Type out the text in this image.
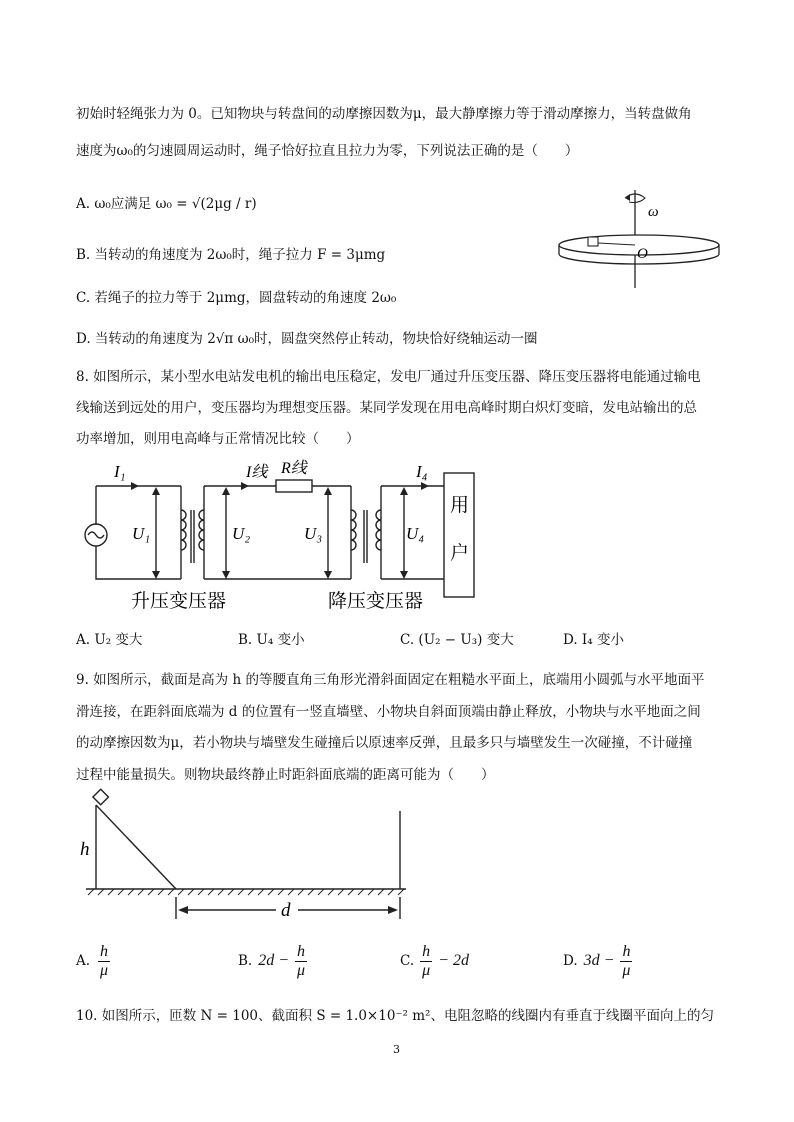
初始时轻绳张力为 0。已知物块与转盘间的动摩擦因数为μ，最大静摩擦力等于滑动摩擦力，当转盘做角
速度为ω₀的匀速圆周运动时，绳子恰好拉直且拉力为零，下列说法正确的是（　　）
A. ω₀应满足 ω₀ = √(2μg / r)
B. 当转动的角速度为 2ω₀时，绳子拉力 F = 3μmg
C. 若绳子的拉力等于 2μmg，圆盘转动的角速度 2ω₀
D. 当转动的角速度为 2√π ω₀时，圆盘突然停止转动，物块恰好绕轴运动一圈
ω
O
8. 如图所示，某小型水电站发电机的输出电压稳定，发电厂通过升压变压器、降压变压器将电能通过输电
线输送到远处的用户，变压器均为理想变压器。某同学发现在用电高峰时期白炽灯变暗，发电站输出的总
功率增加，则用电高峰与正常情况比较（　　）
I₁	I线 R线	I₄
U₁	U₂	U₃	U₄
用
户
升压变压器	降压变压器
A. U₂ 变大	B. U₄ 变小	C. (U₂ − U₃) 变大	D. I₄ 变小
9. 如图所示，截面是高为 h 的等腰直角三角形光滑斜面固定在粗糙水平面上，底端用小圆弧与水平地面平
滑连接，在距斜面底端为 d 的位置有一竖直墙壁、小物块自斜面顶端由静止释放，小物块与水平地面之间
的动摩擦因数为μ，若小物块与墙壁发生碰撞后以原速率反弹，且最多只与墙壁发生一次碰撞，不计碰撞
过程中能量损失。则物块最终静止时距斜面底端的距离可能为（　　）
h
d
A. $\frac{h}{\mu}$	B. $2d - \frac{h}{\mu}$	C. $\frac{h}{\mu} - 2d$	D. $3d - \frac{h}{\mu}$
10. 如图所示，匝数 N = 100、截面积 S = 1.0×10⁻² m²、电阻忽略的线圈内有垂直于线圈平面向上的匀
3
